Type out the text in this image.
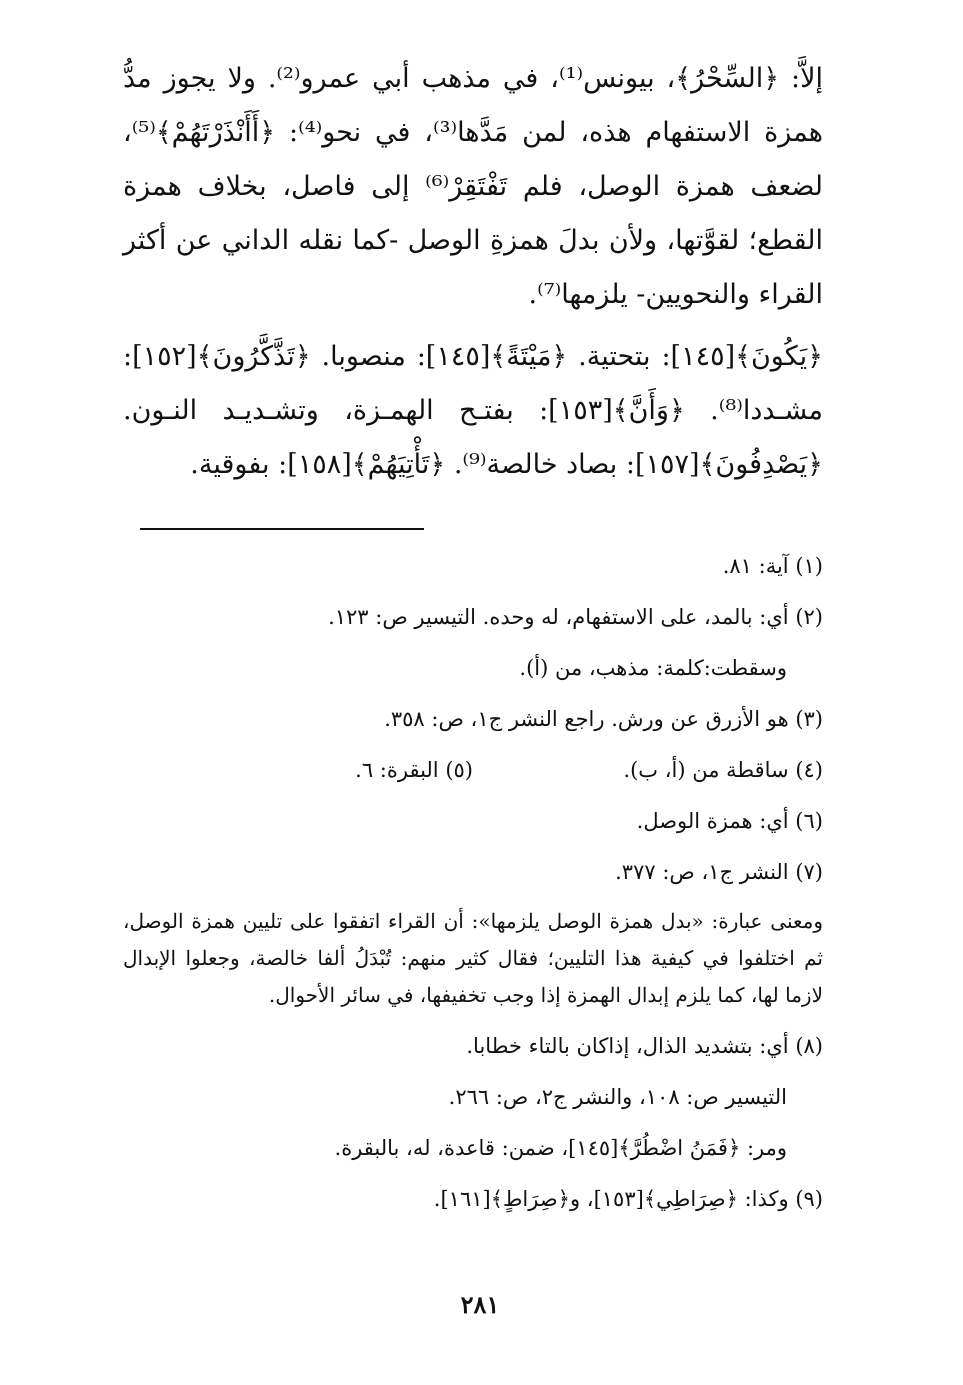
إلاَّ: ﴿السِّحْرُ﴾، بيونس⁽¹⁾، في مذهب أبي عمرو⁽²⁾. ولا يجوز مدُّ همزة الاستفهام هذه، لمن مَدَّها⁽³⁾، في نحو⁽⁴⁾: ﴿أَأَنْذَرْتَهُمْ﴾⁽⁵⁾، لضعف همزة الوصل، فلم تَفْتَقِرْ⁽⁶⁾ إلى فاصل، بخلاف همزة القطع؛ لقوَّتها، ولأن بدلَ همزةِ الوصل -كما نقله الداني عن أكثر القراء والنحويين- يلزمها⁽⁷⁾.

﴿يَكُونَ﴾[١٤٥]: بتحتية. ﴿مَيْتَةً﴾[١٤٥]: منصوبا. ﴿تَذَّكَّرُونَ﴾[١٥٢]: مشـددا⁽⁸⁾. ﴿وَأَنَّ﴾[١٥٣]: بفتـح الهمـزة، وتشـديـد النـون. ﴿يَصْدِفُونَ﴾[١٥٧]: بصاد خالصة⁽⁹⁾. ﴿تَأْتِيَهُمْ﴾[١٥٨]: بفوقية.

(١) آية: ٨١.
(٢) أي: بالمد، على الاستفهام، له وحده. التيسير ص: ١٢٣.
وسقطت:كلمة: مذهب، من (أ).
(٣) هو الأزرق عن ورش. راجع النشر ج١، ص: ٣٥٨.
(٤) ساقطة من (أ، ب).
(٥) البقرة: ٦.
(٦) أي: همزة الوصل.
(٧) النشر ج١، ص: ٣٧٧.

ومعنى عبارة: «بدل همزة الوصل يلزمها»: أن القراء اتفقوا على تليين همزة الوصل، ثم اختلفوا في كيفية هذا التليين؛ فقال كثير منهم: تُبْدَلُ ألفا خالصة، وجعلوا الإبدال لازما لها، كما يلزم إبدال الهمزة إذا وجب تخفيفها، في سائر الأحوال.

(٨) أي: بتشديد الذال، إذاكان بالتاء خطابا.
التيسير ص: ١٠٨، والنشر ج٢، ص: ٢٦٦.
ومر: ﴿فَمَنُ اضْطُرَّ﴾[١٤٥]، ضمن: قاعدة، له، بالبقرة.
(٩) وكذا: ﴿صِرَاطِي﴾[١٥٣]، و﴿صِرَاطٍ﴾[١٦١].
٢٨١
